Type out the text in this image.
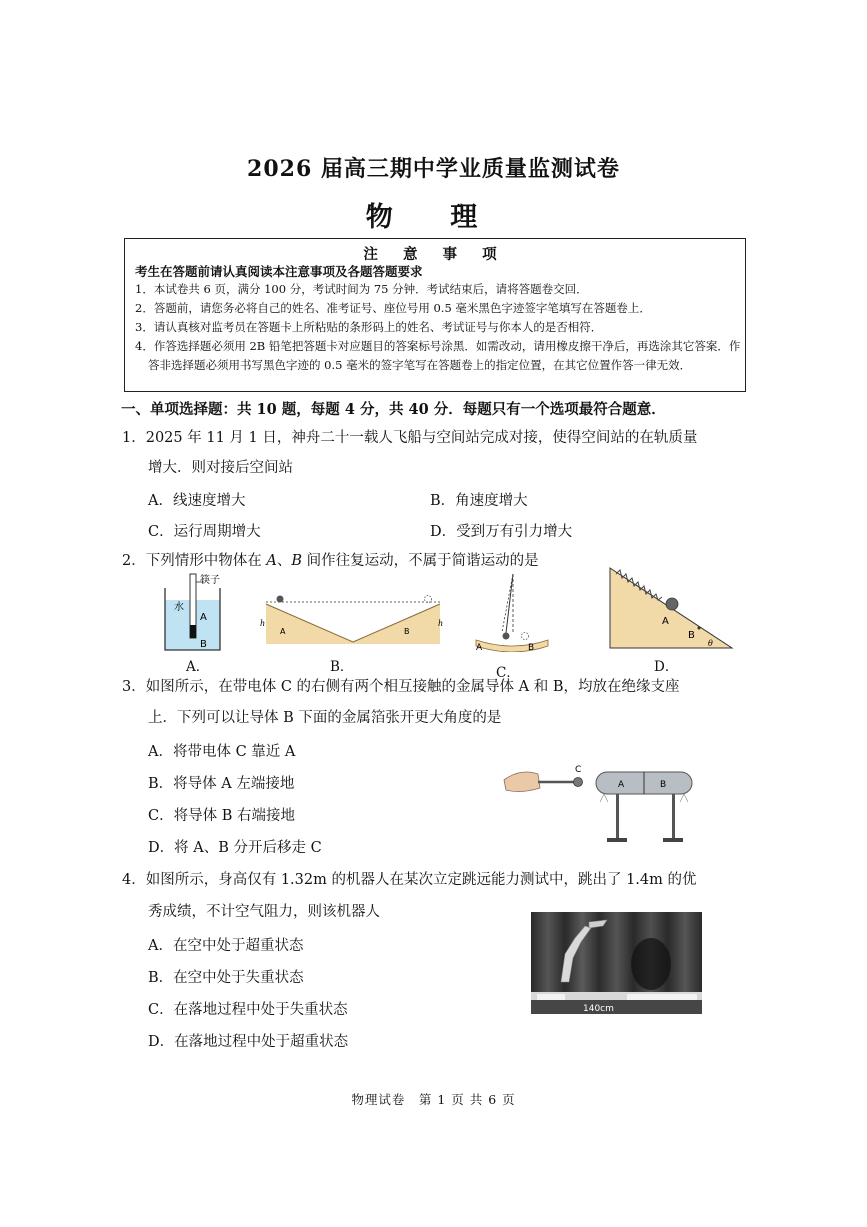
2026 届高三期中学业质量监测试卷
物 理
注 意 事 项
考生在答题前请认真阅读本注意事项及各题答题要求
1．本试卷共 6 页，满分 100 分，考试时间为 75 分钟．考试结束后，请将答题卷交回．
2．答题前，请您务必将自己的姓名、准考证号、座位号用 0.5 毫米黑色字迹签字笔填写在答题卷上．
3．请认真核对监考员在答题卡上所粘贴的条形码上的姓名、考试证号与你本人的是否相符．
4．作答选择题必须用 2B 铅笔把答题卡对应题目的答案标号涂黑．如需改动，请用橡皮擦干净后，再选涂其它答案．作答非选择题必须用书写黑色字迹的 0.5 毫米的签字笔写在答题卷上的指定位置，在其它位置作答一律无效．
一、单项选择题：共 10 题，每题 4 分，共 40 分．每题只有一个选项最符合题意．
1．2025 年 11 月 1 日，神舟二十一载人飞船与空间站完成对接，使得空间站的在轨质量
增大．则对接后空间站
A．线速度增大	B．角速度增大
C．运行周期增大	D．受到万有引力增大
2．下列情形中物体在 A、B 间作往复运动，不属于简谐运动的是
筷子
水
A
B
A．
h
A	B
h
B．
A	B
C．
A
B
θ
D．
3．如图所示，在带电体 C 的右侧有两个相互接触的金属导体 A 和 B，均放在绝缘支座
上．下列可以让导体 B 下面的金属箔张开更大角度的是
A．将带电体 C 靠近 A
B．将导体 A 左端接地
C．将导体 B 右端接地
D．将 A、B 分开后移走 C
C
A	B
4．如图所示，身高仅有 1.32m 的机器人在某次立定跳远能力测试中，跳出了 1.4m 的优
秀成绩，不计空气阻力，则该机器人
A．在空中处于超重状态
B．在空中处于失重状态
C．在落地过程中处于失重状态
D．在落地过程中处于超重状态
140cm
物理试卷　第 1 页 共 6 页
